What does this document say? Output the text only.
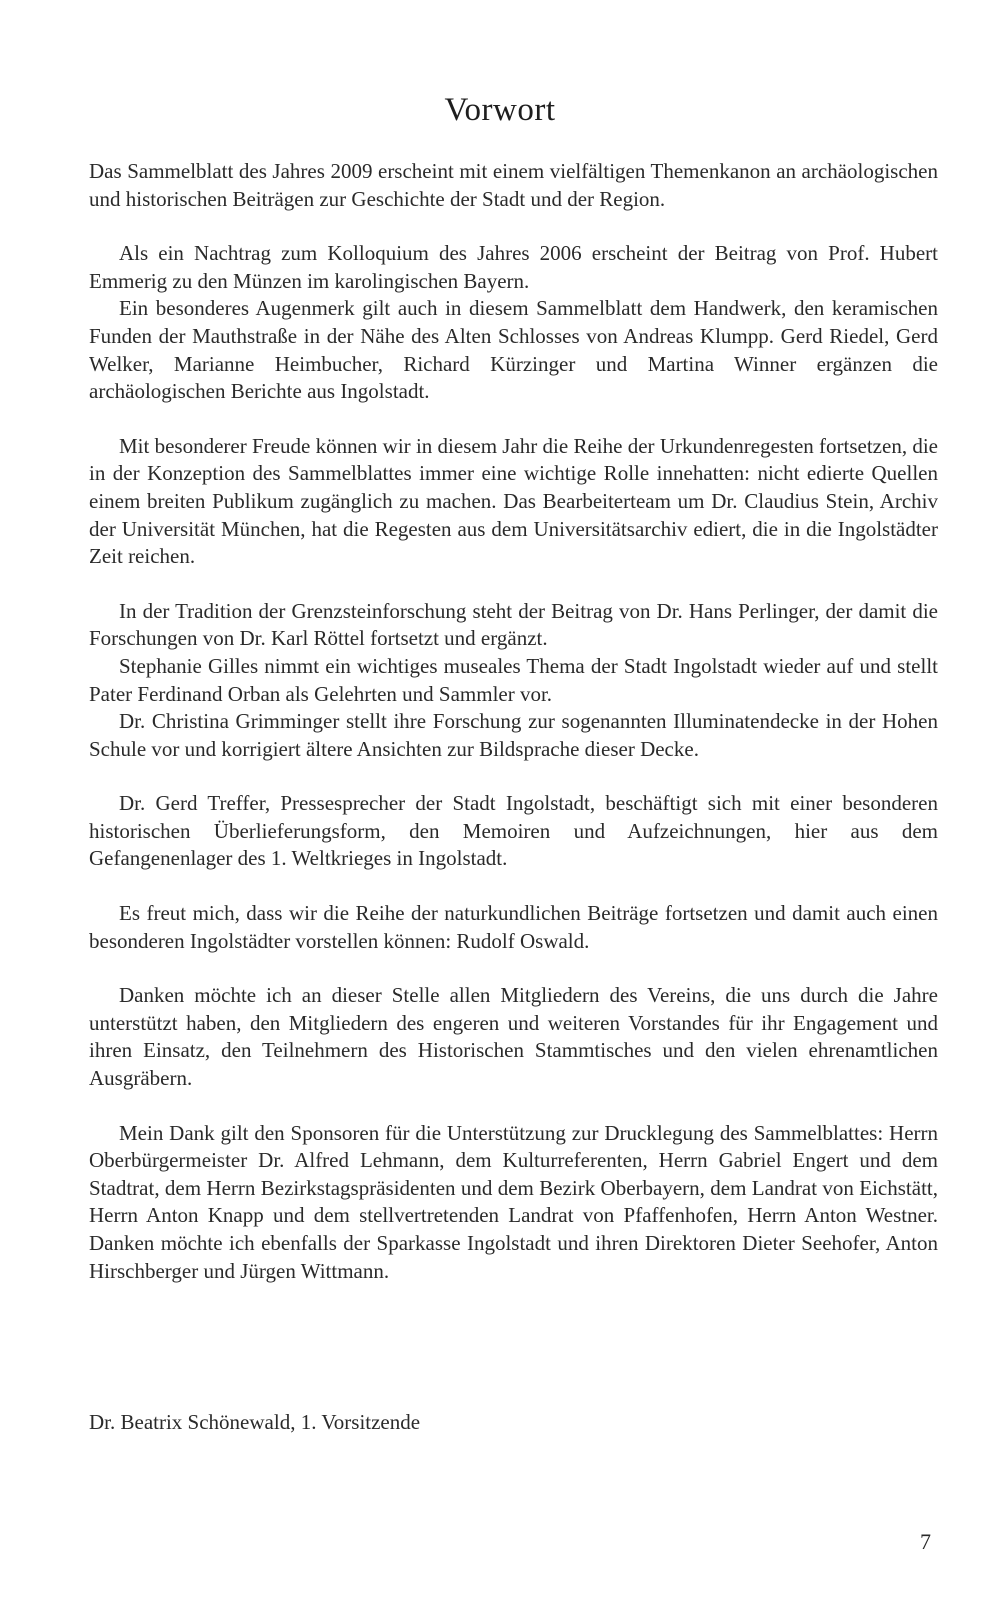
Vorwort

Das Sammelblatt des Jahres 2009 erscheint mit einem vielfältigen Themenkanon an archäologischen und historischen Beiträgen zur Geschichte der Stadt und der Region.

Als ein Nachtrag zum Kolloquium des Jahres 2006 erscheint der Beitrag von Prof. Hubert Emmerig zu den Münzen im karolingischen Bayern.

Ein besonderes Augenmerk gilt auch in diesem Sammelblatt dem Handwerk, den keramischen Funden der Mauthstraße in der Nähe des Alten Schlosses von Andreas Klumpp. Gerd Riedel, Gerd Welker, Marianne Heimbucher, Richard Kürzinger und Martina Winner ergänzen die archäologischen Berichte aus Ingolstadt.

Mit besonderer Freude können wir in diesem Jahr die Reihe der Urkundenregesten fortsetzen, die in der Konzeption des Sammelblattes immer eine wichtige Rolle innehatten: nicht edierte Quellen einem breiten Publikum zugänglich zu machen. Das Bearbeiterteam um Dr. Claudius Stein, Archiv der Universität München, hat die Regesten aus dem Universitätsarchiv ediert, die in die Ingolstädter Zeit reichen.

In der Tradition der Grenzsteinforschung steht der Beitrag von Dr. Hans Perlinger, der damit die Forschungen von Dr. Karl Röttel fortsetzt und ergänzt.

Stephanie Gilles nimmt ein wichtiges museales Thema der Stadt Ingolstadt wieder auf und stellt Pater Ferdinand Orban als Gelehrten und Sammler vor.

Dr. Christina Grimminger stellt ihre Forschung zur sogenannten Illuminatendecke in der Hohen Schule vor und korrigiert ältere Ansichten zur Bildsprache dieser Decke.

Dr. Gerd Treffer, Pressesprecher der Stadt Ingolstadt, beschäftigt sich mit einer besonderen historischen Überlieferungsform, den Memoiren und Aufzeichnungen, hier aus dem Gefangenenlager des 1. Weltkrieges in Ingolstadt.

Es freut mich, dass wir die Reihe der naturkundlichen Beiträge fortsetzen und damit auch einen besonderen Ingolstädter vorstellen können: Rudolf Oswald.

Danken möchte ich an dieser Stelle allen Mitgliedern des Vereins, die uns durch die Jahre unterstützt haben, den Mitgliedern des engeren und weiteren Vorstandes für ihr Engagement und ihren Einsatz, den Teilnehmern des Historischen Stammtisches und den vielen ehrenamtlichen Ausgräbern.

Mein Dank gilt den Sponsoren für die Unterstützung zur Drucklegung des Sammelblattes: Herrn Oberbürgermeister Dr. Alfred Lehmann, dem Kulturreferenten, Herrn Gabriel Engert und dem Stadtrat, dem Herrn Bezirkstagspräsidenten und dem Bezirk Oberbayern, dem Landrat von Eichstätt, Herrn Anton Knapp und dem stellvertretenden Landrat von Pfaffenhofen, Herrn Anton Westner. Danken möchte ich ebenfalls der Sparkasse Ingolstadt und ihren Direktoren Dieter Seehofer, Anton Hirschberger und Jürgen Wittmann.

Dr. Beatrix Schönewald, 1. Vorsitzende

7
